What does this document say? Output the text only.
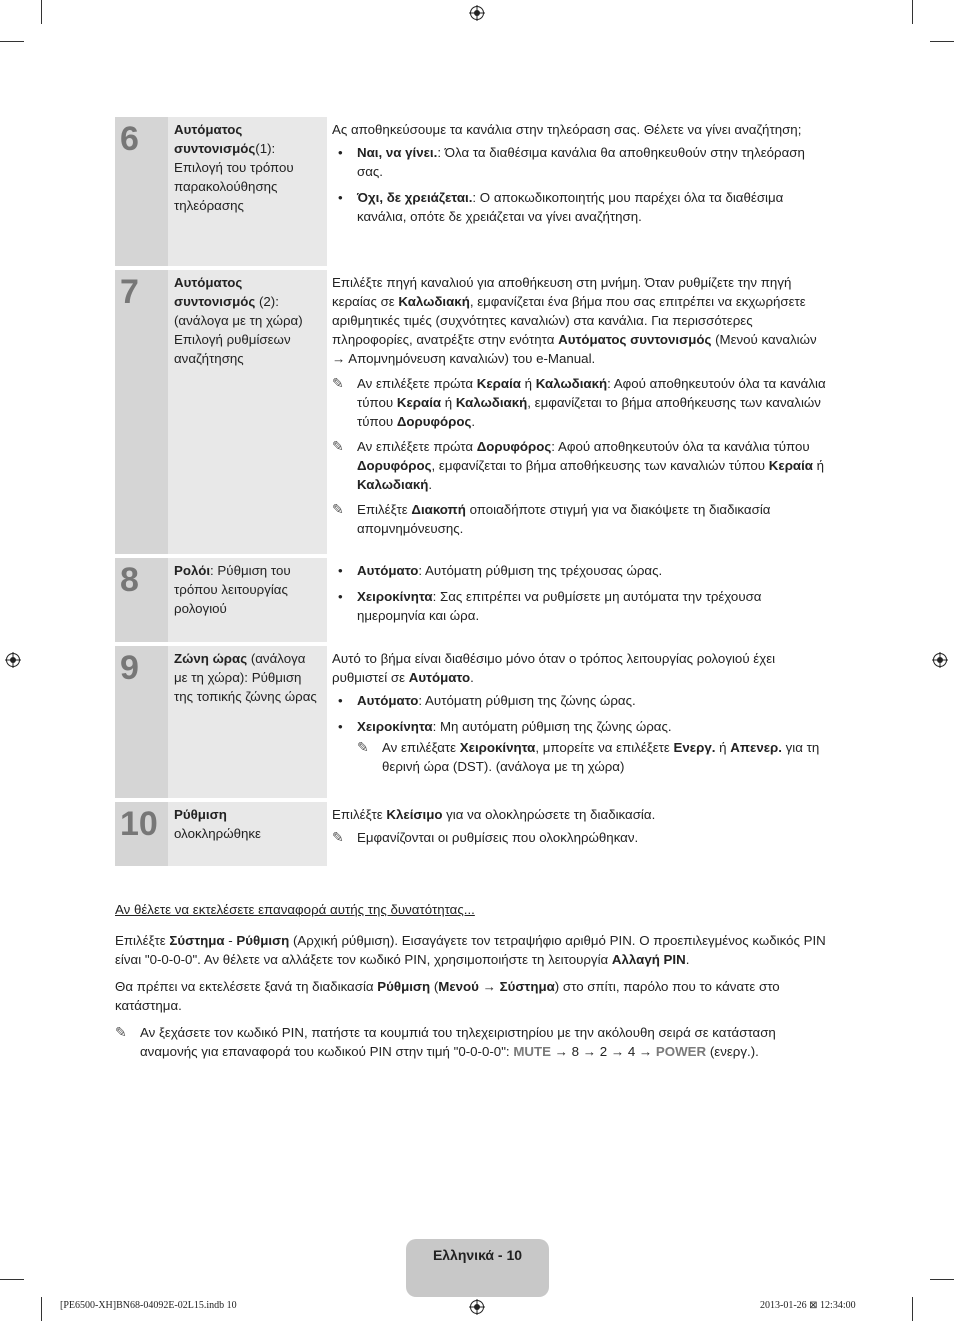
6	Αυτόματος συντονισμός(1): Επιλογή του τρόπου παρακολούθησης τηλεόρασης

Ας αποθηκεύσουμε τα κανάλια στην τηλεόραση σας. Θέλετε να γίνει αναζήτηση;

• Ναι, να γίνει.: Όλα τα διαθέσιμα κανάλια θα αποθηκευθούν στην τηλεόραση σας.
• Όχι, δε χρειάζεται.: Ο αποκωδικοποιητής μου παρέχει όλα τα διαθέσιμα κανάλια, οπότε δε χρειάζεται να γίνει αναζήτηση.
7	Αυτόματος συντονισμός (2): (ανάλογα με τη χώρα) Επιλογή ρυθμίσεων αναζήτησης

Επιλέξτε πηγή καναλιού για αποθήκευση στη μνήμη. Όταν ρυθμίζετε την πηγή κεραίας σε Καλωδιακή, εμφανίζεται ένα βήμα που σας επιτρέπει να εκχωρήσετε αριθμητικές τιμές (συχνότητες καναλιών) στα κανάλια. Για περισσότερες πληροφορίες, ανατρέξτε στην ενότητα Αυτόματος συντονισμός (Μενού καναλιών → Απομνημόνευση καναλιών) του e-Manual.

✎ Αν επιλέξετε πρώτα Κεραία ή Καλωδιακή: Αφού αποθηκευτούν όλα τα κανάλια τύπου Κεραία ή Καλωδιακή, εμφανίζεται το βήμα αποθήκευσης των καναλιών τύπου Δορυφόρος.
✎ Αν επιλέξετε πρώτα Δορυφόρος: Αφού αποθηκευτούν όλα τα κανάλια τύπου Δορυφόρος, εμφανίζεται το βήμα αποθήκευσης των καναλιών τύπου Κεραία ή Καλωδιακή.
✎ Επιλέξτε Διακοπή οποιαδήποτε στιγμή για να διακόψετε τη διαδικασία απομνημόνευσης.
8	Ρολόι: Ρύθμιση του τρόπου λειτουργίας ρολογιού
• Αυτόματο: Αυτόματη ρύθμιση της τρέχουσας ώρας.
• Χειροκίνητα: Σας επιτρέπει να ρυθμίσετε μη αυτόματα την τρέχουσα ημερομηνία και ώρα.
9	Ζώνη ώρας (ανάλογα με τη χώρα): Ρύθμιση της τοπικής ζώνης ώρας

Αυτό το βήμα είναι διαθέσιμο μόνο όταν ο τρόπος λειτουργίας ρολογιού έχει ρυθμιστεί σε Αυτόματο.

• Αυτόματο: Αυτόματη ρύθμιση της ζώνης ώρας.
• Χειροκίνητα: Μη αυτόματη ρύθμιση της ζώνης ώρας.
✎ Αν επιλέξατε Χειροκίνητα, μπορείτε να επιλέξετε Ενεργ. ή Απενερ. για τη θερινή ώρα (DST). (ανάλογα με τη χώρα)
10	Ρύθμιση
ολοκληρώθηκε

Επιλέξτε Κλείσιμο για να ολοκληρώσετε τη διαδικασία.

✎ Εμφανίζονται οι ρυθμίσεις που ολοκληρώθηκαν.

Αν θέλετε να εκτελέσετε επαναφορά αυτής της δυνατότητας...

Επιλέξτε Σύστημα - Ρύθμιση (Αρχική ρύθμιση). Εισαγάγετε τον τετραψήφιο αριθμό PIN. Ο προεπιλεγμένος κωδικός PIN είναι "0-0-0-0". Αν θέλετε να αλλάξετε τον κωδικό PIN, χρησιμοποιήστε τη λειτουργία Αλλαγή PIN.

Θα πρέπει να εκτελέσετε ξανά τη διαδικασία Ρύθμιση (Μενού → Σύστημα) στο σπίτι, παρόλο που το κάνατε στο κατάστημα.

✎ Αν ξεχάσετε τον κωδικό PIN, πατήστε τα κουμπιά του τηλεχειριστηρίου με την ακόλουθη σειρά σε κατάσταση αναμονής για επαναφορά του κωδικού PIN στην τιμή "0-0-0-0": MUTE → 8 → 2 → 4 → POWER (ενεργ.).
Ελληνικά - 10
[PE6500-XH]BN68-04092E-02L15.indb 10	2013-01-26 ⊠ 12:34:00
